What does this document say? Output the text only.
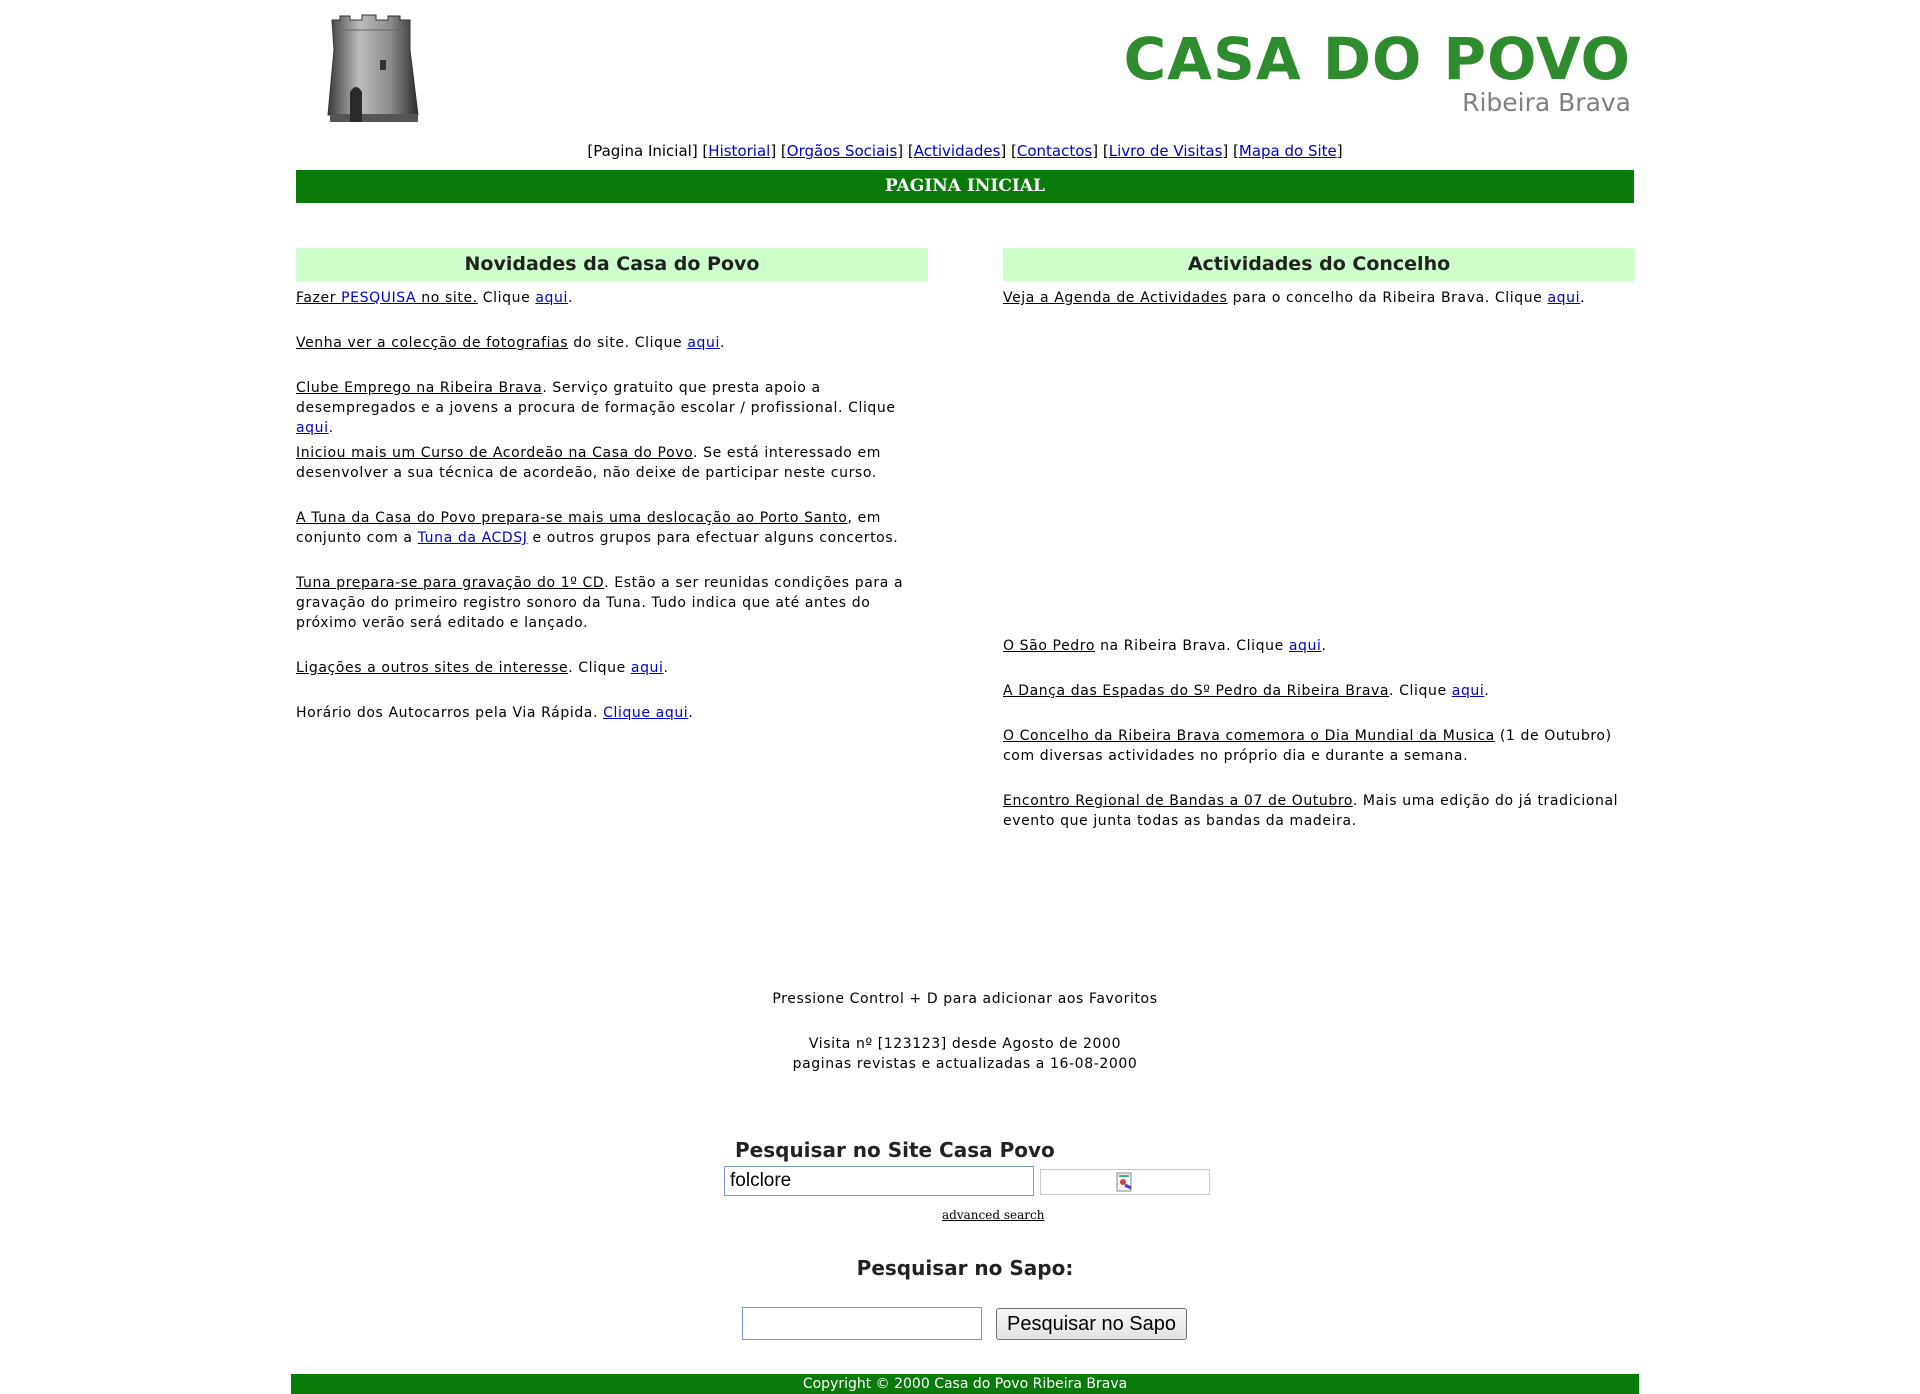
CASA DO POVO
Ribeira Brava
[Pagina Inicial] [Historial] [Orgãos Sociais] [Actividades] [Contactos] [Livro de Visitas] [Mapa do Site]
PAGINA INICIAL
Novidades da Casa do Povo
Fazer PESQUISA no site. Clique aqui.
Venha ver a colecção de fotografias do site. Clique aqui.
Clube Emprego na Ribeira Brava. Serviço gratuito que presta apoio a desempregados e a jovens a procura de formação escolar / profissional. Clique aqui.
Iniciou mais um Curso de Acordeão na Casa do Povo. Se está interessado em desenvolver a sua técnica de acordeão, não deixe de participar neste curso.
A Tuna da Casa do Povo prepara-se mais uma deslocação ao Porto Santo, em conjunto com a Tuna da ACDSJ e outros grupos para efectuar alguns concertos.
Tuna prepara-se para gravação do 1º CD. Estão a ser reunidas condições para a gravação do primeiro registro sonoro da Tuna. Tudo indica que até antes do próximo verão será editado e lançado.
Ligações a outros sites de interesse. Clique aqui.
Horário dos Autocarros pela Via Rápida. Clique aqui.
Actividades do Concelho
Veja a Agenda de Actividades para o concelho da Ribeira Brava. Clique aqui.
O São Pedro na Ribeira Brava. Clique aqui.
A Dança das Espadas do Sº Pedro da Ribeira Brava. Clique aqui.
O Concelho da Ribeira Brava comemora o Dia Mundial da Musica (1 de Outubro) com diversas actividades no próprio dia e durante a semana.
Encontro Regional de Bandas a 07 de Outubro. Mais uma edição do já tradicional evento que junta todas as bandas da madeira.
Pressione Control + D para adicionar aos Favoritos
Visita nº [123123] desde Agosto de 2000
paginas revistas e actualizadas a 16-08-2000
Pesquisar no Site Casa Povo
folclore
advanced search
Pesquisar no Sapo:
Pesquisar no Sapo
Copyright © 2000 Casa do Povo Ribeira Brava
